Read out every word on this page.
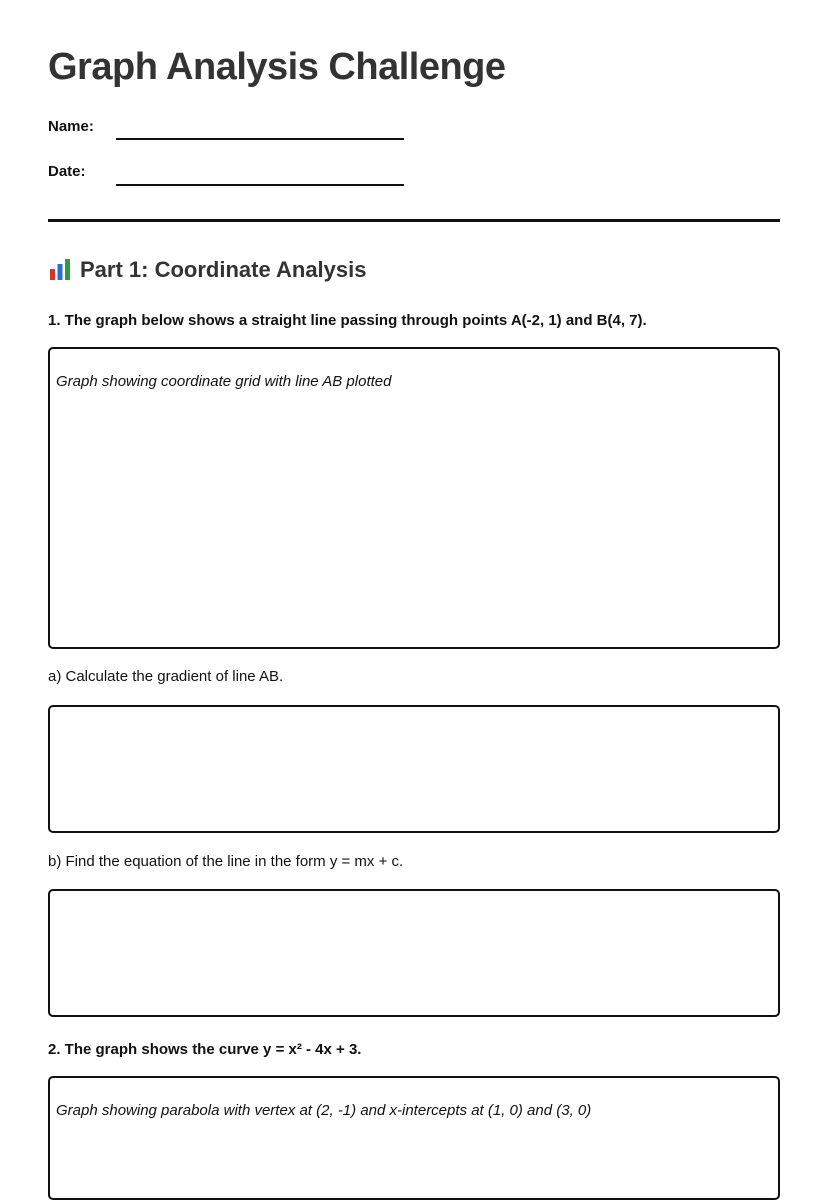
Graph Analysis Challenge
Name:
Date:
Part 1: Coordinate Analysis
1. The graph below shows a straight line passing through points A(-2, 1) and B(4, 7).
Graph showing coordinate grid with line AB plotted
a) Calculate the gradient of line AB.
b) Find the equation of the line in the form y = mx + c.
2. The graph shows the curve y = x² - 4x + 3.
Graph showing parabola with vertex at (2, -1) and x-intercepts at (1, 0) and (3, 0)
